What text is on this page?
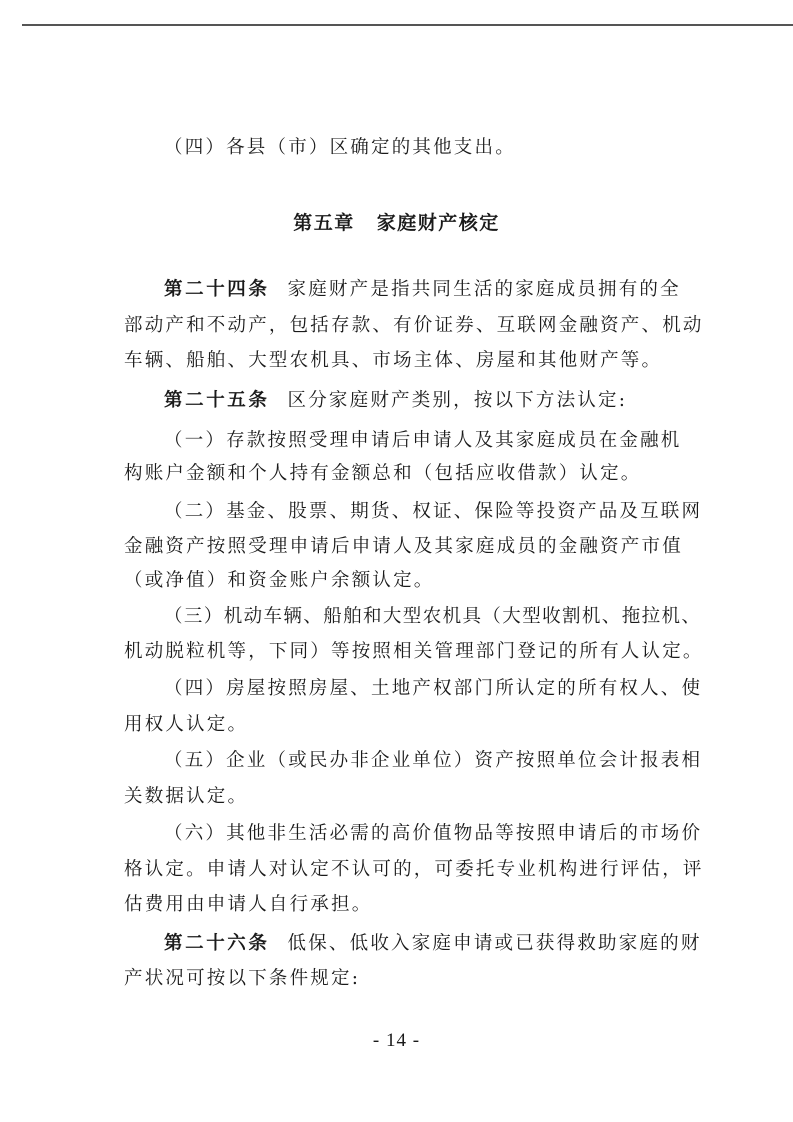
第五章 家庭财产核定
（四）各县（市）区确定的其他支出。
第二十四条 家庭财产是指共同生活的家庭成员拥有的全
部动产和不动产，包括存款、有价证券、互联网金融资产、机动
车辆、船舶、大型农机具、市场主体、房屋和其他财产等。
第二十五条 区分家庭财产类别，按以下方法认定:
（一）存款按照受理申请后申请人及其家庭成员在金融机
构账户金额和个人持有金额总和（包括应收借款）认定。
（二）基金、股票、期货、权证、保险等投资产品及互联网
金融资产按照受理申请后申请人及其家庭成员的金融资产市值
（或净值）和资金账户余额认定。
（三）机动车辆、船舶和大型农机具（大型收割机、拖拉机、
机动脱粒机等，下同）等按照相关管理部门登记的所有人认定。
（四）房屋按照房屋、土地产权部门所认定的所有权人、使
用权人认定。
（五）企业（或民办非企业单位）资产按照单位会计报表相
关数据认定。
（六）其他非生活必需的高价值物品等按照申请后的市场价
格认定。申请人对认定不认可的，可委托专业机构进行评估，评
估费用由申请人自行承担。
第二十六条 低保、低收入家庭申请或已获得救助家庭的财
产状况可按以下条件规定:
- 14 -
